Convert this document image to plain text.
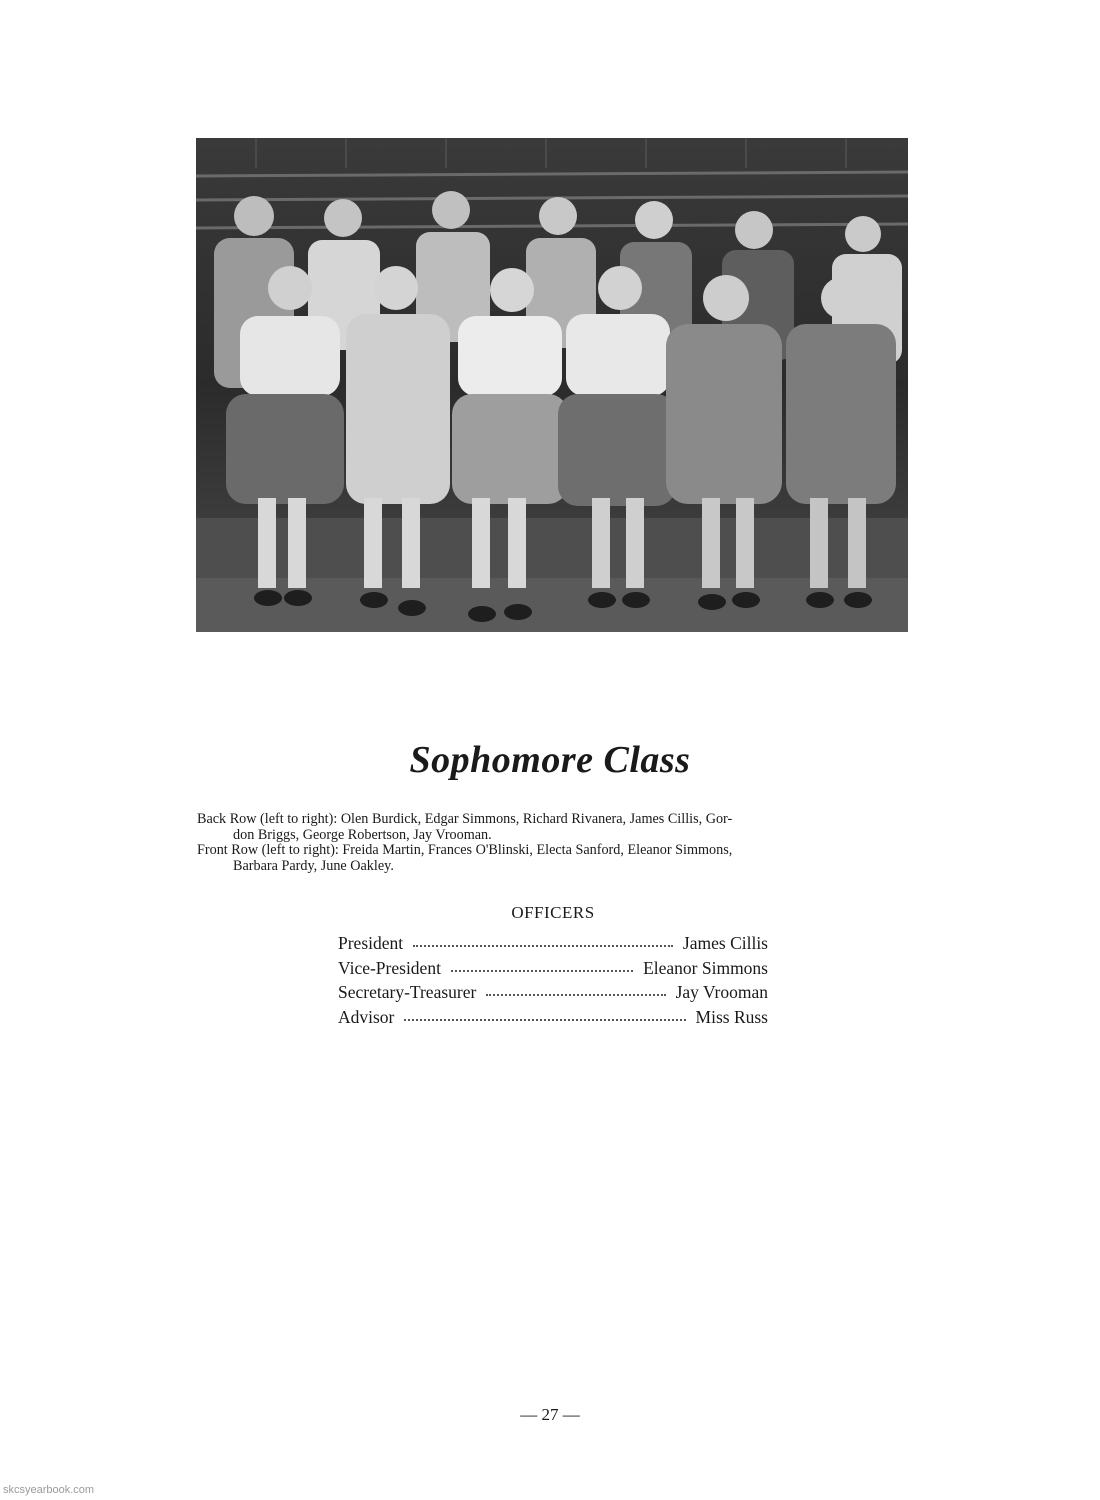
Sophomore Class
Back Row (left to right): Olen Burdick, Edgar Simmons, Richard Rivanera, James Cillis, Gor-
don Briggs, George Robertson, Jay Vrooman.
Front Row (left to right): Freida Martin, Frances O'Blinski, Electa Sanford, Eleanor Simmons,
Barbara Pardy, June Oakley.
OFFICERS
President	James Cillis
Vice-President	Eleanor Simmons
Secretary-Treasurer	Jay Vrooman
Advisor	Miss Russ
— 27 —
skcsyearbook.com
